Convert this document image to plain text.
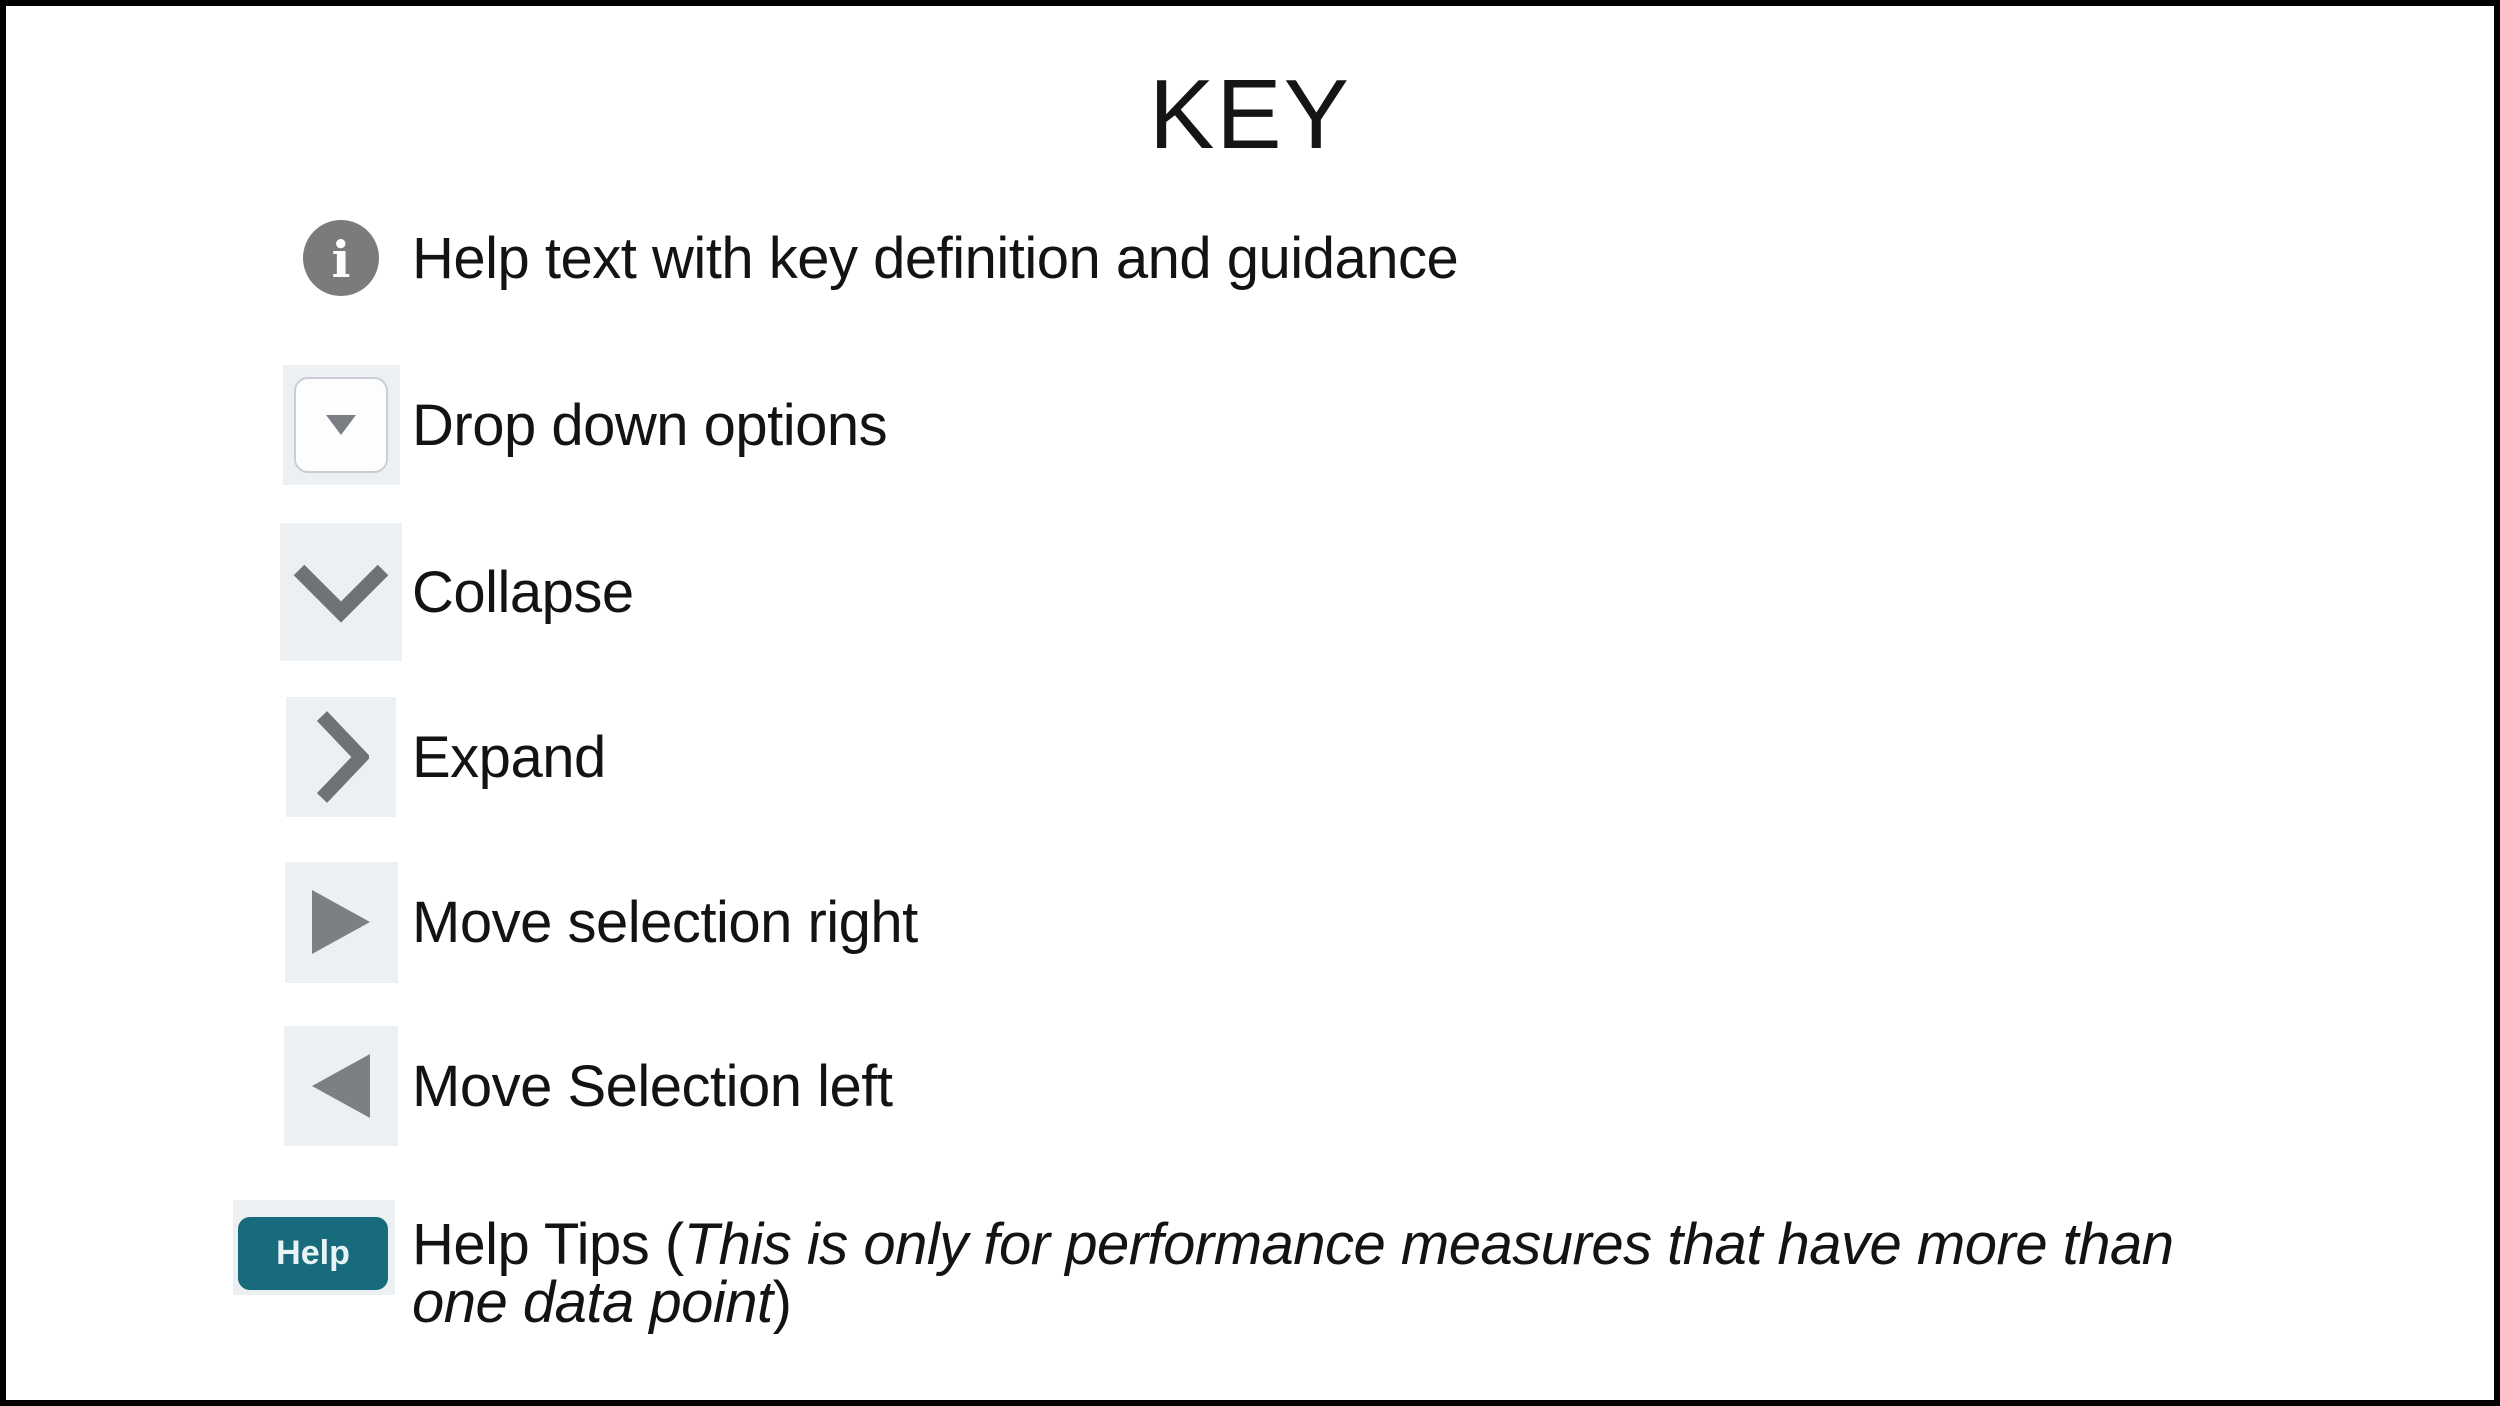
KEY
i Help text with key definition and guidance
Drop down options
Collapse
Expand
Move selection right
Move Selection left
Help	Help Tips (This is only for performance measures that have more than
one data point)
